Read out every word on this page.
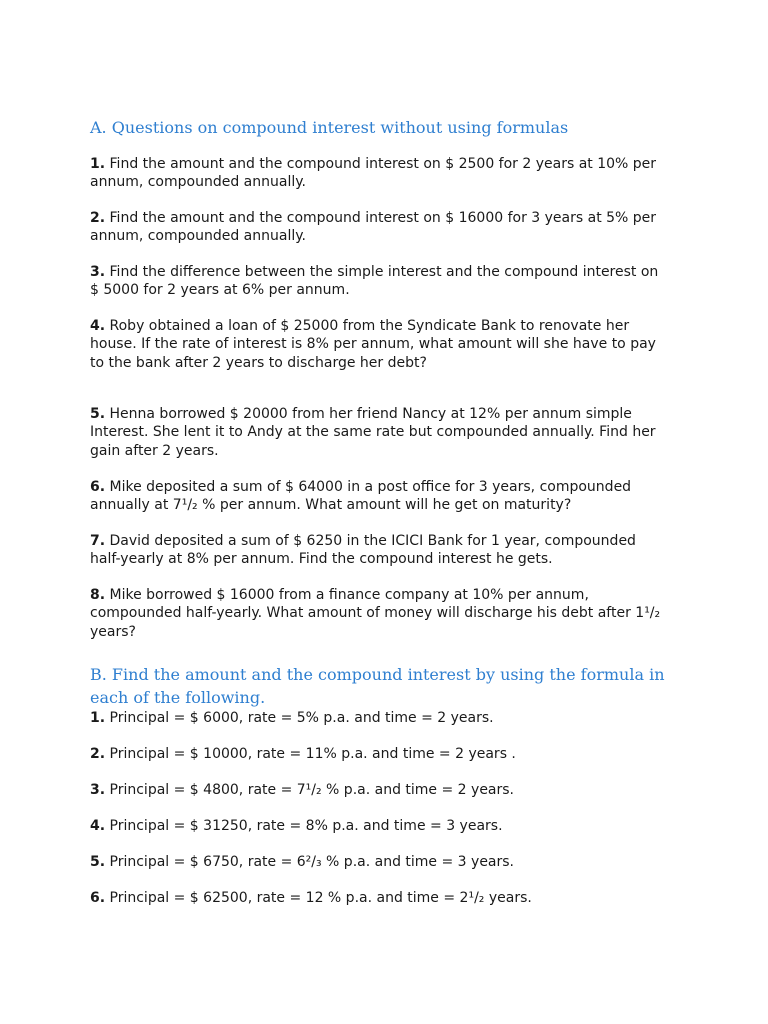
A. Questions on compound interest without using formulas

1. Find the amount and the compound interest on $ 2500 for 2 years at 10% per annum, compounded annually.

2. Find the amount and the compound interest on $ 16000 for 3 years at 5% per annum, compounded annually.

3. Find the difference between the simple interest and the compound interest on $ 5000 for 2 years at 6% per annum.

4. Roby obtained a loan of $ 25000 from the Syndicate Bank to renovate her house. If the rate of interest is 8% per annum, what amount will she have to pay to the bank after 2 years to discharge her debt?

5. Henna borrowed $ 20000 from her friend Nancy at 12% per annum simple Interest. She lent it to Andy at the same rate but compounded annually. Find her gain after 2 years.

6. Mike deposited a sum of $ 64000 in a post office for 3 years, compounded annually at 7¹/₂ % per annum. What amount will he get on maturity?

7. David deposited a sum of $ 6250 in the ICICI Bank for 1 year, compounded half-yearly at 8% per annum. Find the compound interest he gets.

8. Mike borrowed $ 16000 from a finance company at 10% per annum, compounded half-yearly. What amount of money will discharge his debt after 1¹/₂ years?

B. Find the amount and the compound interest by using the formula in each of the following.

1. Principal = $ 6000, rate = 5% p.a. and time = 2 years.

2. Principal = $ 10000, rate = 11% p.a. and time = 2 years .

3. Principal = $ 4800, rate = 7¹/₂ % p.a. and time = 2 years.

4. Principal = $ 31250, rate = 8% p.a. and time = 3 years.

5. Principal = $ 6750, rate = 6²/₃ % p.a. and time = 3 years.

6. Principal = $ 62500, rate = 12 % p.a. and time = 2¹/₂ years.
